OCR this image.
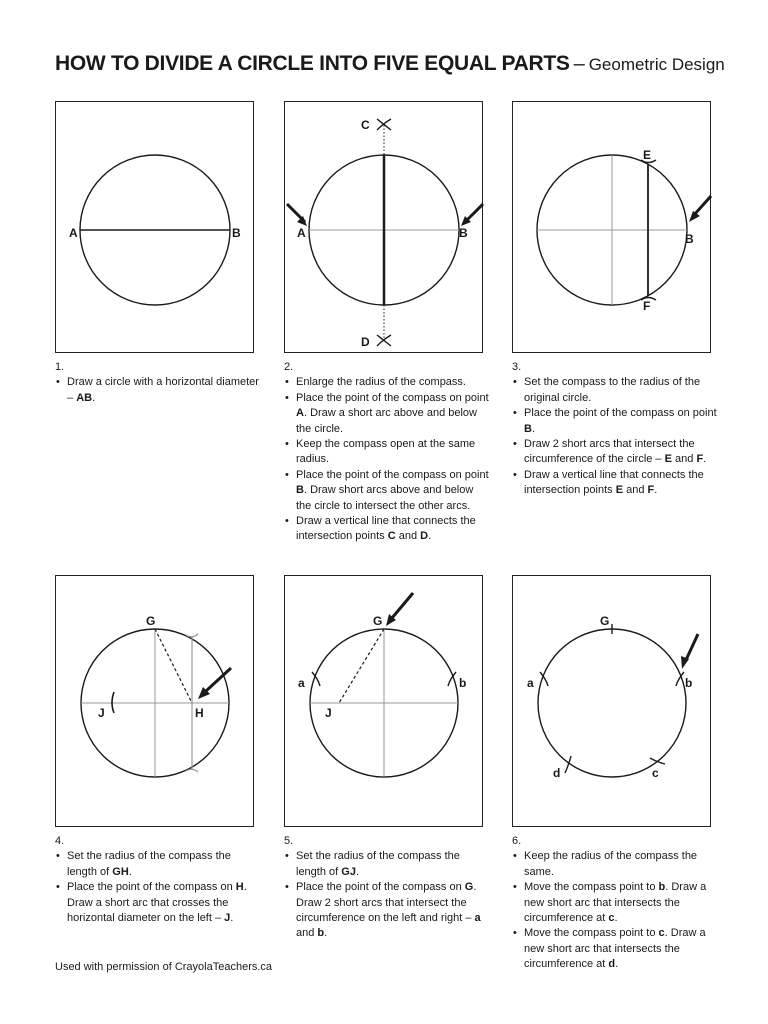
HOW TO DIVIDE A CIRCLE INTO FIVE EQUAL PARTS – Geometric Design
A	B	A	B
C
D
E
B
F
1.
• Draw a circle with a horizontal diameter – AB.
2.
• Enlarge the radius of the compass.
• Place the point of the compass on point A. Draw a short arc above and below the circle.
• Keep the compass open at the same radius.
• Place the point of the compass on point B. Draw short arcs above and below the circle to intersect the other arcs.
• Draw a vertical line that connects the intersection points C and D.
3.
• Set the compass to the radius of the original circle.
• Place the point of the compass on point B.
• Draw 2 short arcs that intersect the circumference of the circle – E and F.
• Draw a vertical line that connects the intersection points E and F.
G
J	H
G
a	b
J
G
a	b
c
d
4.
• Set the radius of the compass the length of GH.
• Place the point of the compass on H. Draw a short arc that crosses the horizontal diameter on the left – J.
5.
• Set the radius of the compass the length of GJ.
• Place the point of the compass on G. Draw 2 short arcs that intersect the circumference on the left and right – a and b.
6.
• Keep the radius of the compass the same.
• Move the compass point to b. Draw a new short arc that intersects the circumference at c.
• Move the compass point to c. Draw a new short arc that intersects the circumference at d.
Used with permission of CrayolaTeachers.ca
